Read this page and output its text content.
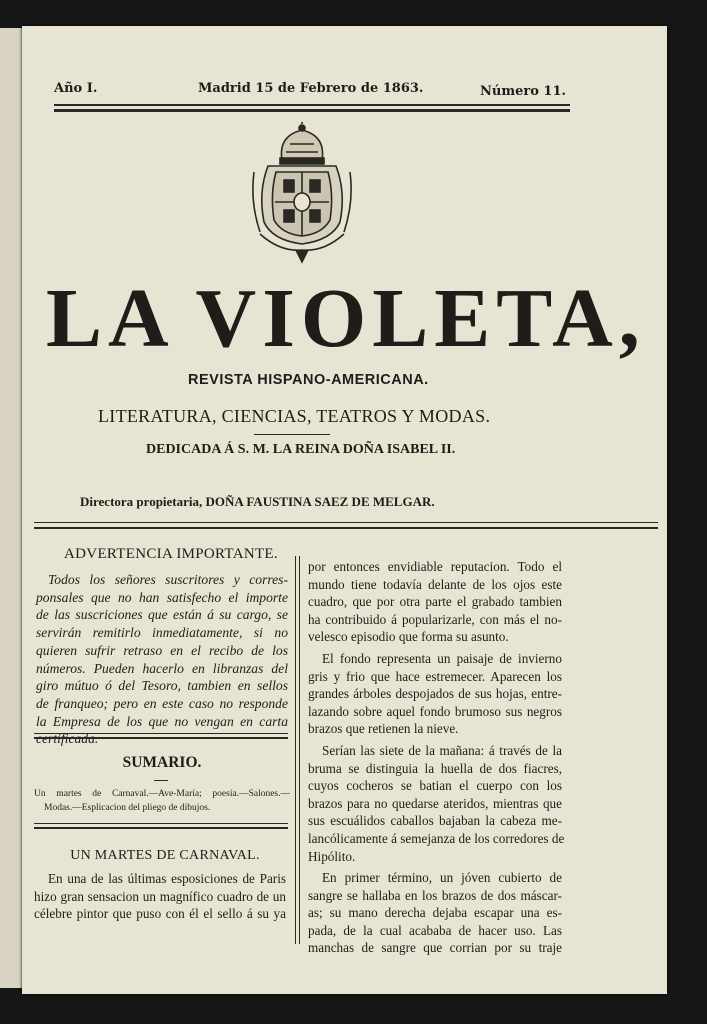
Año I.	Madrid 15 de Febrero de 1863.	Número 11.
LA VIOLETA,
REVISTA HISPANO-AMERICANA.
LITERATURA, CIENCIAS, TEATROS Y MODAS.
DEDICADA Á S. M. LA REINA DOÑA ISABEL II.
Directora propietaria, DOÑA FAUSTINA SAEZ DE MELGAR.
ADVERTENCIA IMPORTANTE.
Todos los señores suscritores y corres-
ponsales que no han satisfecho el importe
de las suscriciones que están á su cargo, se
servirán remitirlo inmediatamente, si no
quieren sufrir retraso en el recibo de los
números. Pueden hacerlo en libranzas del
giro mútuo ó del Tesoro, tambien en sellos
de franqueo; pero en este caso no responde
la Empresa de los que no vengan en carta
SUMARIO.
Un martes de Carnaval.—Ave-María; poesía.—Salones.—
Modas.—Esplicacion del pliego de dibujos.
UN MARTES DE CARNAVAL.
En una de las últimas esposiciones de Paris
hizo gran sensacion un magnífico cuadro de un
célebre pintor que puso con él el sello á su ya
por entonces envidiable reputacion. Todo el
mundo tiene todavía delante de los ojos este
cuadro, que por otra parte el grabado tambien
ha contribuido á popularizarle, con más el no-
velesco episodio que forma su asunto.
El fondo representa un paisaje de invierno
gris y frio que hace estremecer. Aparecen los
grandes árboles despojados de sus hojas, entre-
lazando sobre aquel fondo brumoso sus negros
brazos que retienen la nieve.
Serían las siete de la mañana: á través de la
bruma se distinguia la huella de dos fiacres,
cuyos cocheros se batian el cuerpo con los
brazos para no quedarse ateridos, mientras que
sus escuálidos caballos bajaban la cabeza me-
lancólicamente á semejanza de los corredores de
Hipólito.
En primer término, un jóven cubierto de
sangre se hallaba en los brazos de dos máscar-
as; su mano derecha dejaba escapar una es-
pada, de la cual acababa de hacer uso. Las
manchas de sangre que corrian por su traje
